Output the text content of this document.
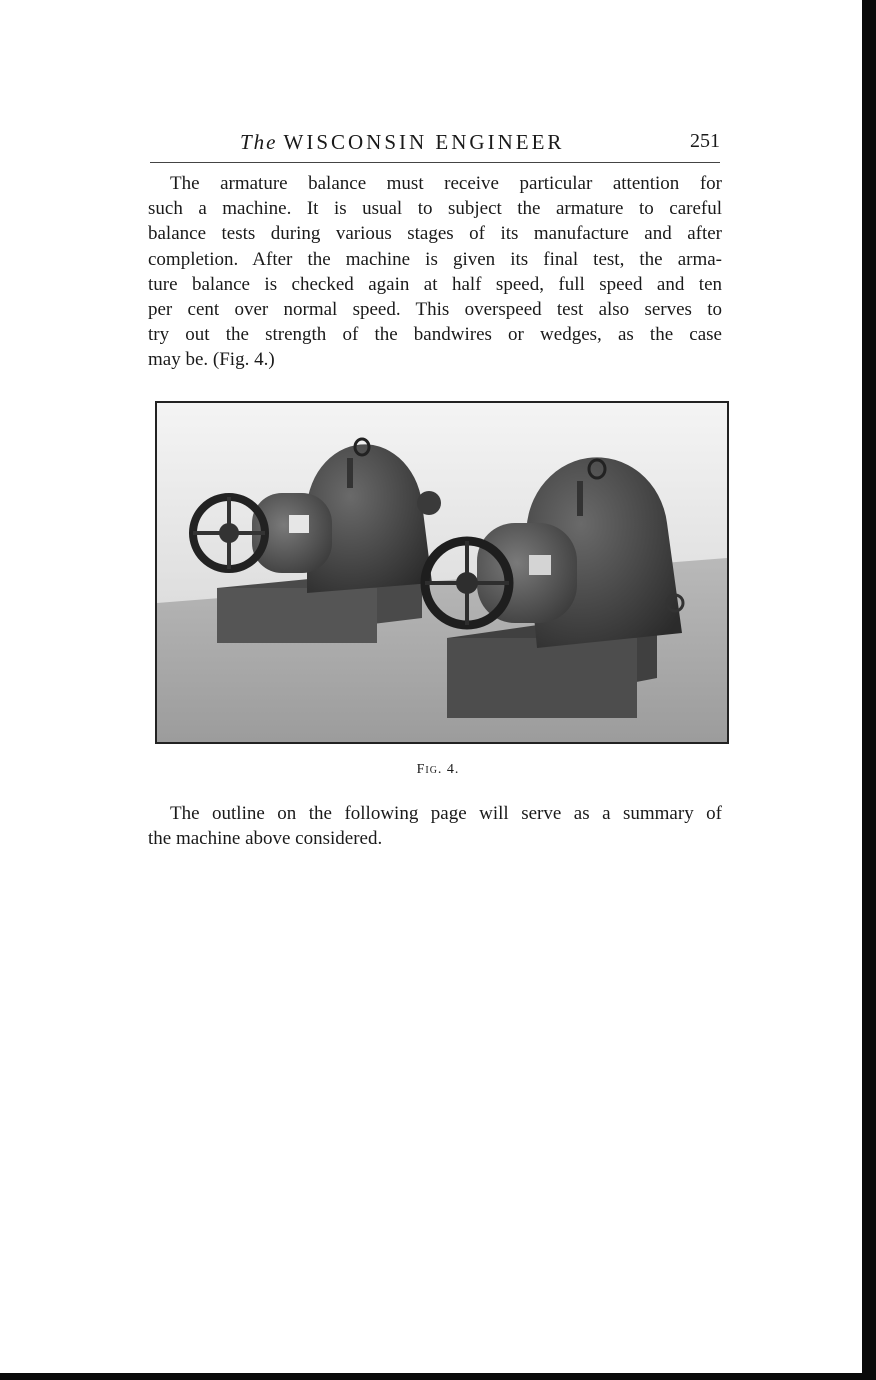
The WISCONSIN ENGINEER	251

The armature balance must receive particular attention for
such a machine. It is usual to subject the armature to careful
balance tests during various stages of its manufacture and after
completion. After the machine is given its final test, the arma-
ture balance is checked again at half speed, full speed and ten
per cent over normal speed. This overspeed test also serves to
try out the strength of the bandwires or wedges, as the case
may be. (Fig. 4.)

Fig. 4.

The outline on the following page will serve as a summary of
the machine above considered.
